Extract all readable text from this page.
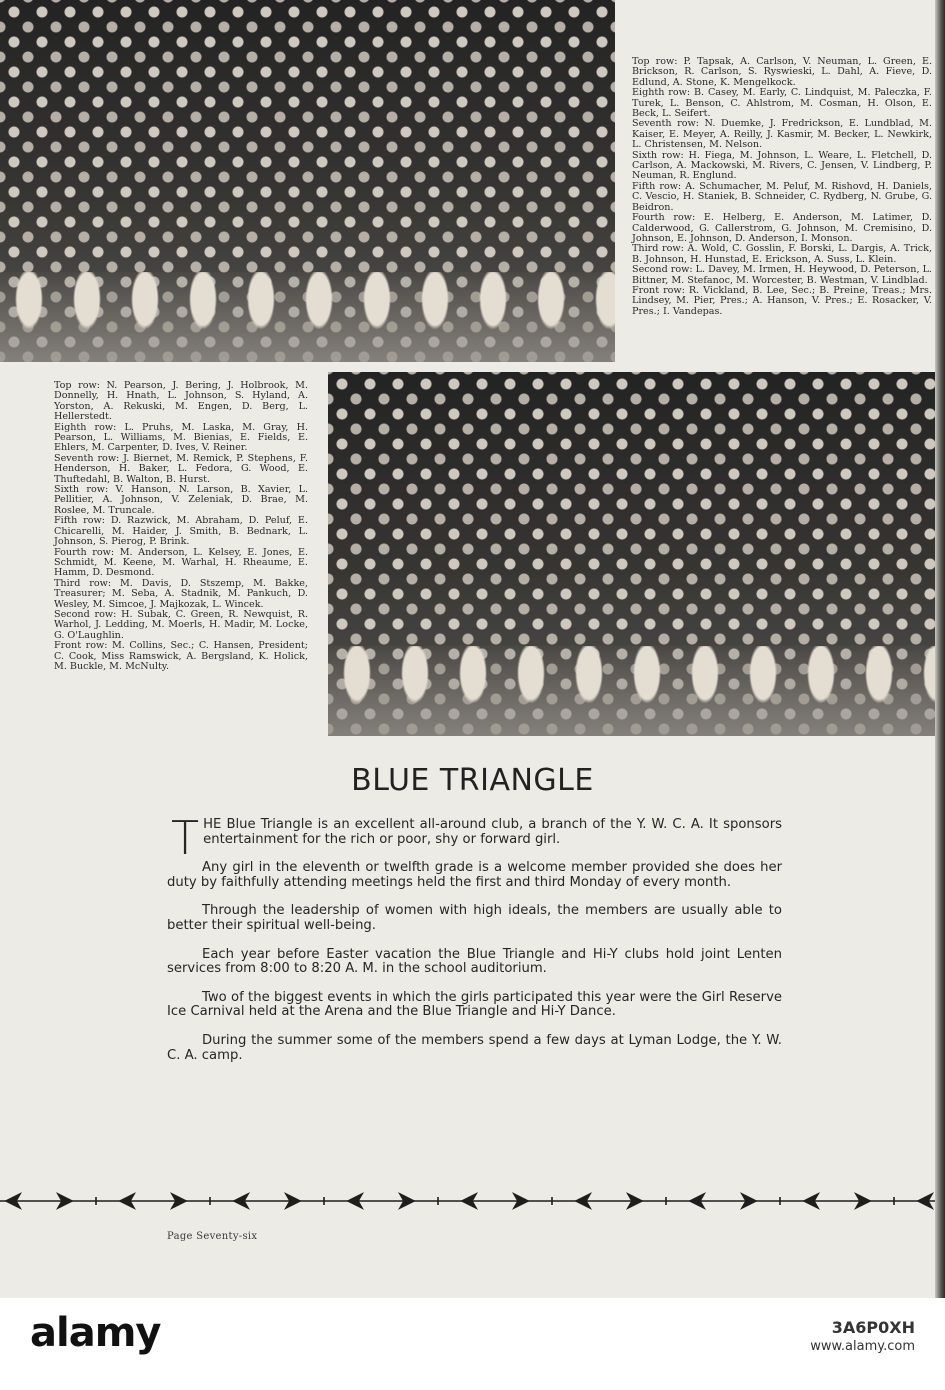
Top row: P. Tapsak, A. Carlson, V. Neuman, L. Green, E. Brickson, R. Carlson, S. Ryswieski, L. Dahl, A. Fieve, D. Edlund, A. Stone, K. Mengelkock.

Eighth row: B. Casey, M. Early, C. Lindquist, M. Paleczka, F. Turek, L. Benson, C. Ahlstrom, M. Cosman, H. Olson, E. Beck, L. Seifert.

Seventh row: N. Duemke, J. Fredrickson, E. Lundblad, M. Kaiser, E. Meyer, A. Reilly, J. Kasmir, M. Becker, L. Newkirk, L. Christensen, M. Nelson.

Sixth row: H. Fiega, M. Johnson, L. Weare, L. Fletchell, D. Carlson, A. Mackowski, M. Rivers, C. Jensen, V. Lindberg, P. Neuman, R. Englund.

Fifth row: A. Schumacher, M. Peluf, M. Rishovd, H. Daniels, C. Vescio, H. Staniek, B. Schneider, C. Rydberg, N. Grube, G. Beidron.

Fourth row: E. Helberg, E. Anderson, M. Latimer, D. Calderwood, G. Callerstrom, G. Johnson, M. Cremisino, D. Johnson, E. Johnson, D. Anderson, I. Monson.

Third row: A. Wold, C. Gosslin, F. Borski, L. Dargis, A. Trick, B. Johnson, H. Hunstad, E. Erickson, A. Suss, L. Klein.

Second row: L. Davey, M. Irmen, H. Heywood, D. Peterson, L. Bittner, M. Stefanoc, M. Worcester, B. Westman, V. Lindblad.

Front row: R. Vickland, B. Lee, Sec.; B. Preine, Treas.; Mrs. Lindsey, M. Pier, Pres.; A. Hanson, V. Pres.; E. Rosacker, V. Pres.; I. Vandepas.

Top row: N. Pearson, J. Bering, J. Holbrook, M. Donnelly, H. Hnath, L. Johnson, S. Hyland, A. Yorston, A. Rekuski, M. Engen, D. Berg, L. Hellerstedt.

Eighth row: L. Pruhs, M. Laska, M. Gray, H. Pearson, L. Williams, M. Bienias, E. Fields, E. Ehlers, M. Carpenter, D. Ives, V. Reiner.

Seventh row: J. Biernet, M. Remick, P. Stephens, F. Henderson, H. Baker, L. Fedora, G. Wood, E. Thuftedahl, B. Walton, B. Hurst.

Sixth row: V. Hanson, N. Larson, B. Xavier, L. Pellitier, A. Johnson, V. Zeleniak, D. Brae, M. Roslee, M. Truncale.

Fifth row: D. Razwick, M. Abraham, D. Peluf, E. Chicarelli, M. Haider, J. Smith, B. Bednark, L. Johnson, S. Pierog, P. Brink.

Fourth row: M. Anderson, L. Kelsey, E. Jones, E. Schmidt, M. Keene, M. Warhal, H. Rheaume, E. Hamm, D. Desmond.

Third row: M. Davis, D. Stszemp, M. Bakke, Treasurer; M. Seba, A. Stadnik, M. Pankuch, D. Wesley, M. Simcoe, J. Majkozak, L. Wincek.

Second row: H. Subak, C. Green, R. Newquist, R. Warhol, J. Ledding, M. Moerls, H. Madir, M. Locke, G. O'Laughlin.

Front row: M. Collins, Sec.; C. Hansen, President; C. Cook, Miss Ramswick, A. Bergsland, K. Holick, M. Buckle, M. McNulty.

BLUE TRIANGLE

THE Blue Triangle is an excellent all-around club, a branch of the Y. W. C. A. It sponsors entertainment for the rich or poor, shy or forward girl.

Any girl in the eleventh or twelfth grade is a welcome member provided she does her duty by faithfully attending meetings held the first and third Monday of every month.

Through the leadership of women with high ideals, the members are usually able to better their spiritual well-being.

Each year before Easter vacation the Blue Triangle and Hi-Y clubs hold joint Lenten services from 8:00 to 8:20 A. M. in the school auditorium.

Two of the biggest events in which the girls participated this year were the Girl Reserve Ice Carnival held at the Arena and the Blue Triangle and Hi-Y Dance.

During the summer some of the members spend a few days at Lyman Lodge, the Y. W. C. A. camp.

Page Seventy-six
alamy	3A6P0XH
www.alamy.com
